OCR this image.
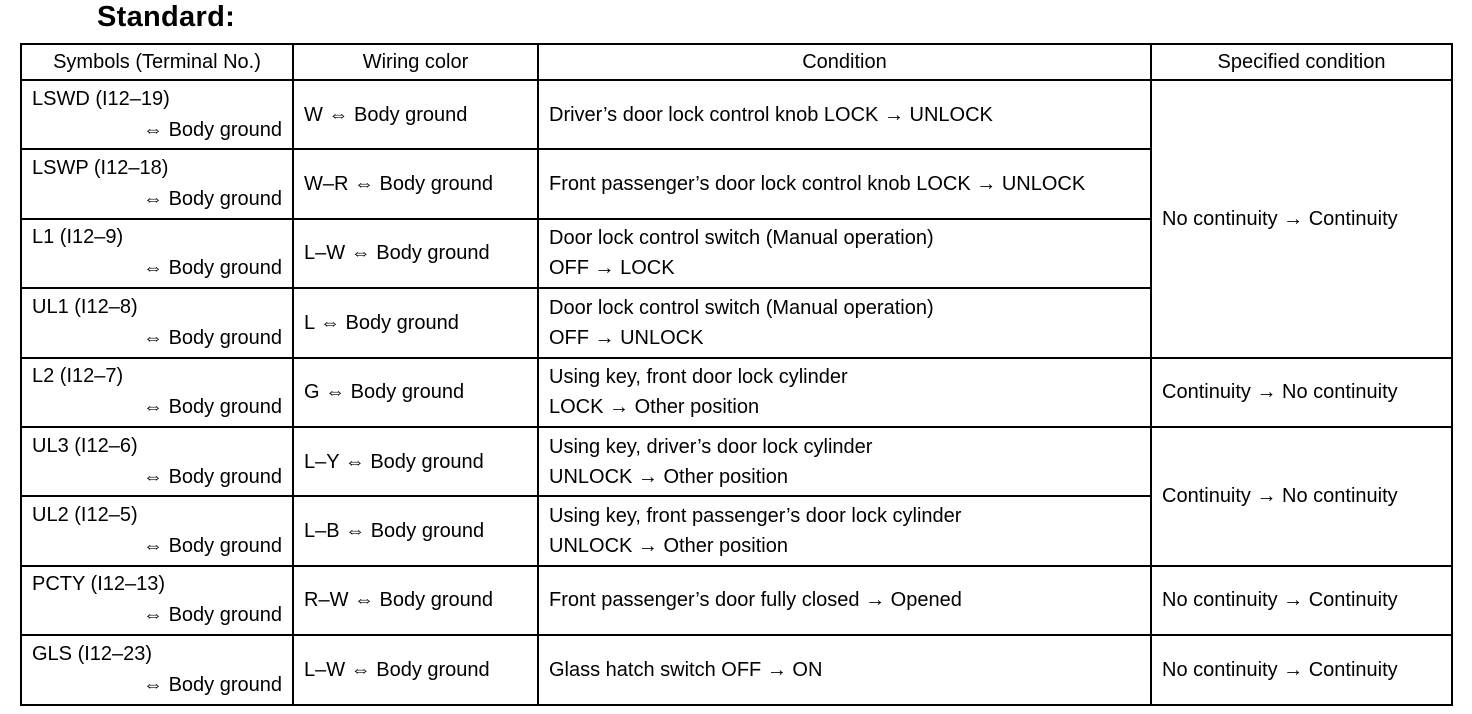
Standard:
Symbols (Terminal No.)	Wiring color	Condition	Specified condition

LSWD (I12–19)
⇔ Body ground	W ⇔ Body ground	Driver’s door lock control knob LOCK → UNLOCK	No continuity → Continuity

LSWP (I12–18)
⇔ Body ground	W–R ⇔ Body ground	Front passenger’s door lock control knob LOCK → UNLOCK	

L1 (I12–9)
⇔ Body ground	L–W ⇔ Body ground	Door lock control switch (Manual operation)
OFF → LOCK	

UL1 (I12–8)
⇔ Body ground	L ⇔ Body ground	Door lock control switch (Manual operation)
OFF → UNLOCK	

L2 (I12–7)
⇔ Body ground	G ⇔ Body ground	Using key, front door lock cylinder
LOCK → Other position	Continuity → No continuity

UL3 (I12–6)
⇔ Body ground	L–Y ⇔ Body ground	Using key, driver’s door lock cylinder
UNLOCK → Other position	Continuity → No continuity

UL2 (I12–5)
⇔ Body ground	L–B ⇔ Body ground	Using key, front passenger’s door lock cylinder
UNLOCK → Other position	

PCTY (I12–13)
⇔ Body ground	R–W ⇔ Body ground	Front passenger’s door fully closed → Opened	No continuity → Continuity

GLS (I12–23)
⇔ Body ground	L–W ⇔ Body ground	Glass hatch switch OFF → ON	No continuity → Continuity
